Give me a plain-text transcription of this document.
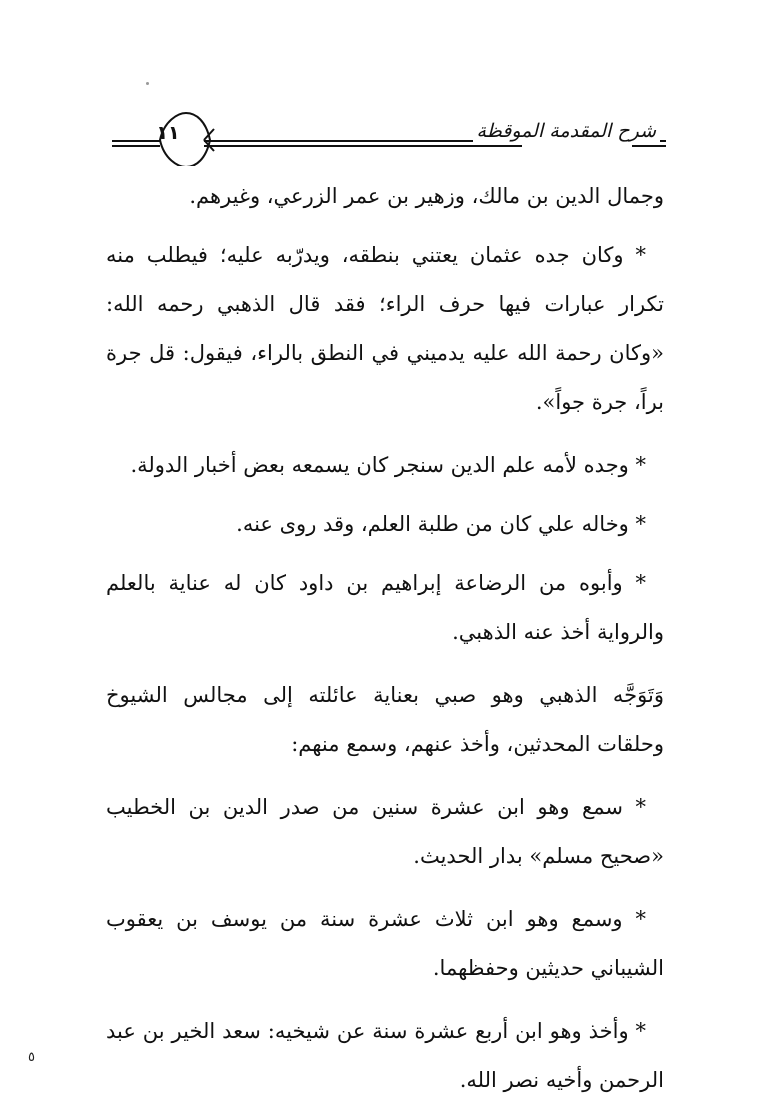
١١	شرح المقدمة الموقظة

وجمال الدين بن مالك، وزهير بن عمر الزرعي، وغيرهم.

* وكان جده عثمان يعتني بنطقه، ويدرّبه عليه؛ فيطلب منه تكرار عبارات فيها حرف الراء؛ فقد قال الذهبي رحمه الله: «وكان رحمة الله عليه يدميني في النطق بالراء، فيقول: قل جرة براً، جرة جواً».

* وجده لأمه علم الدين سنجر كان يسمعه بعض أخبار الدولة.

* وخاله علي كان من طلبة العلم، وقد روى عنه.

* وأبوه من الرضاعة إبراهيم بن داود كان له عناية بالعلم والرواية أخذ عنه الذهبي.

وَتَوَجَّه الذهبي وهو صبي بعناية عائلته إلى مجالس الشيوخ وحلقات المحدثين، وأخذ عنهم، وسمع منهم:

* سمع وهو ابن عشرة سنين من صدر الدين بن الخطيب «صحيح مسلم» بدار الحديث.

* وسمع وهو ابن ثلاث عشرة سنة من يوسف بن يعقوب الشيباني حديثين وحفظهما.

* وأخذ وهو ابن أربع عشرة سنة عن شيخيه: سعد الخير بن عبد الرحمن وأخيه نصر الله.

٥
